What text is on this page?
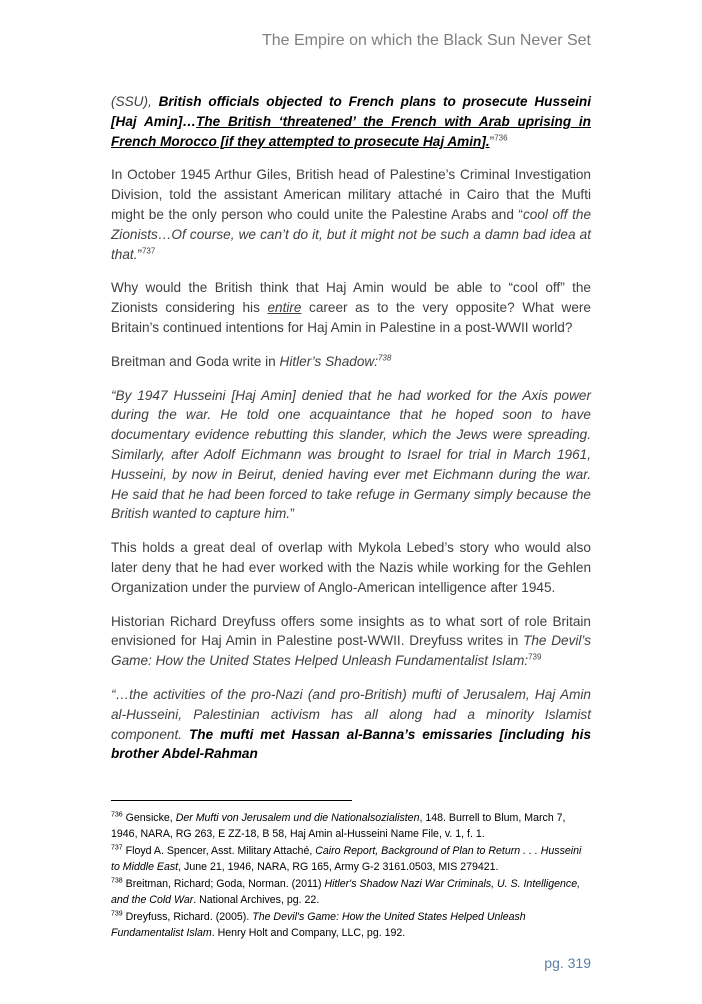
The Empire on which the Black Sun Never Set

(SSU), British officials objected to French plans to prosecute Husseini [Haj Amin]…The British ‘threatened’ the French with Arab uprising in French Morocco [if they attempted to prosecute Haj Amin].”$^{736}$

In October 1945 Arthur Giles, British head of Palestine’s Criminal Investigation Division, told the assistant American military attaché in Cairo that the Mufti might be the only person who could unite the Palestine Arabs and “cool off the Zionists…Of course, we can’t do it, but it might not be such a damn bad idea at that.”$^{737}$

Why would the British think that Haj Amin would be able to “cool off” the Zionists considering his entire career as to the very opposite? What were Britain’s continued intentions for Haj Amin in Palestine in a post-WWII world?

Breitman and Goda write in Hitler’s Shadow:$^{738}$

“By 1947 Husseini [Haj Amin] denied that he had worked for the Axis power during the war. He told one acquaintance that he hoped soon to have documentary evidence rebutting this slander, which the Jews were spreading. Similarly, after Adolf Eichmann was brought to Israel for trial in March 1961, Husseini, by now in Beirut, denied having ever met Eichmann during the war. He said that he had been forced to take refuge in Germany simply because the British wanted to capture him.”

This holds a great deal of overlap with Mykola Lebed’s story who would also later deny that he had ever worked with the Nazis while working for the Gehlen Organization under the purview of Anglo-American intelligence after 1945.

Historian Richard Dreyfuss offers some insights as to what sort of role Britain envisioned for Haj Amin in Palestine post-WWII. Dreyfuss writes in The Devil’s Game: How the United States Helped Unleash Fundamentalist Islam:$^{739}$

“…the activities of the pro-Nazi (and pro-British) mufti of Jerusalem, Haj Amin al-Husseini, Palestinian activism has all along had a minority Islamist component. The mufti met Hassan al-Banna’s emissaries [including his brother Abdel-Rahman

$^{736}$ Gensicke, Der Mufti von Jerusalem und die Nationalsozialisten, 148. Burrell to Blum, March 7, 1946, NARA, RG 263, E ZZ-18, B 58, Haj Amin al-Husseini Name File, v. 1, f. 1.
$^{737}$ Floyd A. Spencer, Asst. Military Attaché, Cairo Report, Background of Plan to Return . . . Husseini to Middle East, June 21, 1946, NARA, RG 165, Army G-2 3161.0503, MIS 279421.
$^{738}$ Breitman, Richard; Goda, Norman. (2011) Hitler's Shadow Nazi War Criminals, U. S. Intelligence, and the Cold War. National Archives, pg. 22.
$^{739}$ Dreyfuss, Richard. (2005). The Devil's Game: How the United States Helped Unleash Fundamentalist Islam. Henry Holt and Company, LLC, pg. 192.
pg. 319
